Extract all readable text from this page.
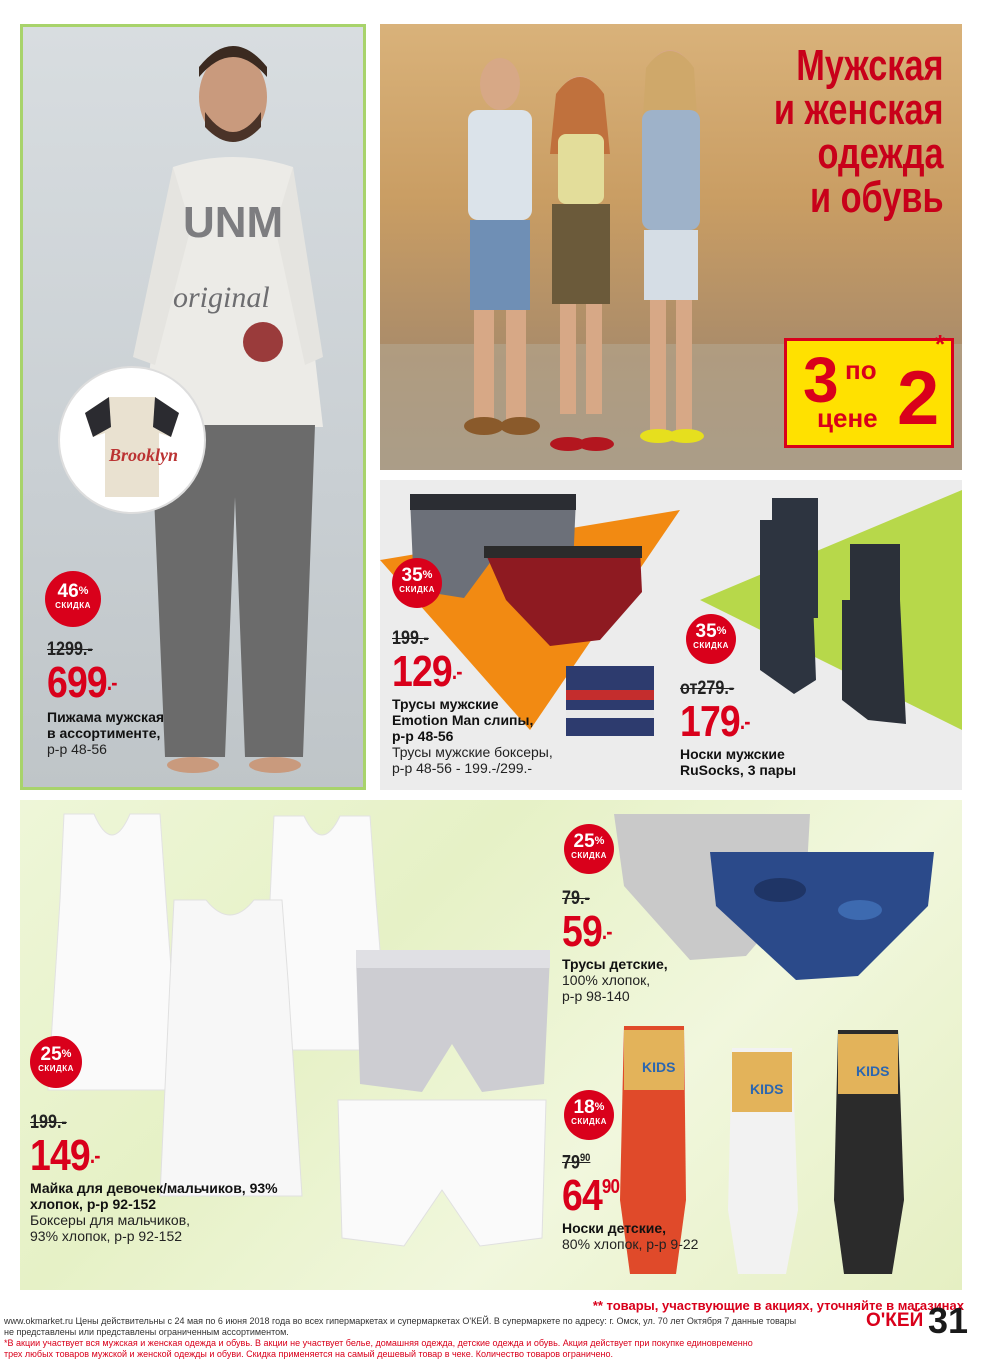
UNM
original
Brooklyn
46%
СКИДКА
1299.-
699.-
Пижама мужская
в ассортименте,
р-р 48-56
Мужская
и женская
одежда
и обувь
3 по
цене 2
*
35%
СКИДКА
199.-
129.-
Трусы мужские
Emotion Man слипы,
р-р 48-56
Трусы мужские боксеры,
р-р 48-56 - 199.-/299.-
35%
СКИДКА
от279.-
179.-
Носки мужские
RuSocks, 3 пары
KIDS
KIDS
KIDS
25%
СКИДКА
79.-
59.-
Трусы детские,
100% хлопок,
р-р 98-140
25%
СКИДКА
199.-
149.-
Майка для девочек/мальчиков, 93%
хлопок, р-р 92-152
Боксеры для мальчиков,
93% хлопок, р-р 92-152
18%
СКИДКА
$79^{90}$
$64^{90}$
Носки детские,
80% хлопок, р-р 9-22
** товары, участвующие в акциях, уточняйте в магазинах
www.okmarket.ru Цены действительны с 24 мая по 6 июня 2018 года во всех гипермаркетах и супермаркетах О'КЕЙ. В супермаркете по адресу: г. Омск, ул. 70 лет Октября 7 данные товары
не представлены или представлены ограниченным ассортиментом.
*В акции участвует вся мужская и женская одежда и обувь. В акции не участвует белье, домашняя одежда, детские одежда и обувь. Акция действует при покупке единовременно
трех любых товаров мужской и женской одежды и обуви. Скидка применяется на самый дешевый товар в чеке. Количество товаров ограничено.
О'КЕЙ 31
